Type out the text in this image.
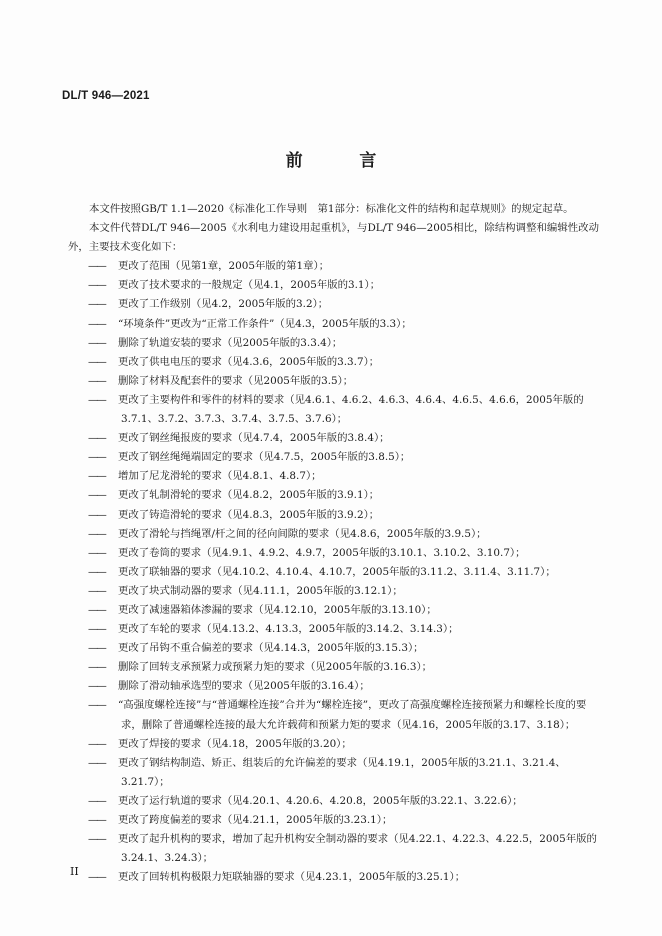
DL/T 946—2021
前 言

本文件按照GB/T 1.1—2020《标准化工作导则　第1部分：标准化文件的结构和起草规则》的规定起草。

本文件代替DL/T 946—2005《水利电力建设用起重机》，与DL/T 946—2005相比，除结构调整和编辑性改动外，主要技术变化如下：

—— 更改了范围（见第1章，2005年版的第1章）；
—— 更改了技术要求的一般规定（见4.1，2005年版的3.1）；
—— 更改了工作级别（见4.2，2005年版的3.2）；
—— “环境条件”更改为“正常工作条件”（见4.3，2005年版的3.3）；
—— 删除了轨道安装的要求（见2005年版的3.3.4）；
—— 更改了供电电压的要求（见4.3.6，2005年版的3.3.7）；
—— 删除了材料及配套件的要求（见2005年版的3.5）；
—— 更改了主要构件和零件的材料的要求（见4.6.1、4.6.2、4.6.3、4.6.4、4.6.5、4.6.6，2005年版的3.7.1、3.7.2、3.7.3、3.7.4、3.7.5、3.7.6）；
—— 更改了钢丝绳报废的要求（见4.7.4，2005年版的3.8.4）；
—— 更改了钢丝绳绳端固定的要求（见4.7.5，2005年版的3.8.5）；
—— 增加了尼龙滑轮的要求（见4.8.1、4.8.7）；
—— 更改了轧制滑轮的要求（见4.8.2，2005年版的3.9.1）；
—— 更改了铸造滑轮的要求（见4.8.3，2005年版的3.9.2）；
—— 更改了滑轮与挡绳罩/杆之间的径向间隙的要求（见4.8.6，2005年版的3.9.5）；
—— 更改了卷筒的要求（见4.9.1、4.9.2、4.9.7，2005年版的3.10.1、3.10.2、3.10.7）；
—— 更改了联轴器的要求（见4.10.2、4.10.4、4.10.7，2005年版的3.11.2、3.11.4、3.11.7）；
—— 更改了块式制动器的要求（见4.11.1，2005年版的3.12.1）；
—— 更改了减速器箱体渗漏的要求（见4.12.10，2005年版的3.13.10）；
—— 更改了车轮的要求（见4.13.2、4.13.3，2005年版的3.14.2、3.14.3）；
—— 更改了吊钩不重合偏差的要求（见4.14.3，2005年版的3.15.3）；
—— 删除了回转支承预紧力或预紧力矩的要求（见2005年版的3.16.3）；
—— 删除了滑动轴承选型的要求（见2005年版的3.16.4）；
—— “高强度螺栓连接”与“普通螺栓连接”合并为“螺栓连接”，更改了高强度螺栓连接预紧力和螺栓长度的要求，删除了普通螺栓连接的最大允许载荷和预紧力矩的要求（见4.16，2005年版的3.17、3.18）；
—— 更改了焊接的要求（见4.18，2005年版的3.20）；
—— 更改了钢结构制造、矫正、组装后的允许偏差的要求（见4.19.1，2005年版的3.21.1、3.21.4、3.21.7）；
—— 更改了运行轨道的要求（见4.20.1、4.20.6、4.20.8，2005年版的3.22.1、3.22.6）；
—— 更改了跨度偏差的要求（见4.21.1，2005年版的3.23.1）；
—— 更改了起升机构的要求，增加了起升机构安全制动器的要求（见4.22.1、4.22.3、4.22.5，2005年版的3.24.1、3.24.3）；
—— 更改了回转机构极限力矩联轴器的要求（见4.23.1，2005年版的3.25.1）；
II
